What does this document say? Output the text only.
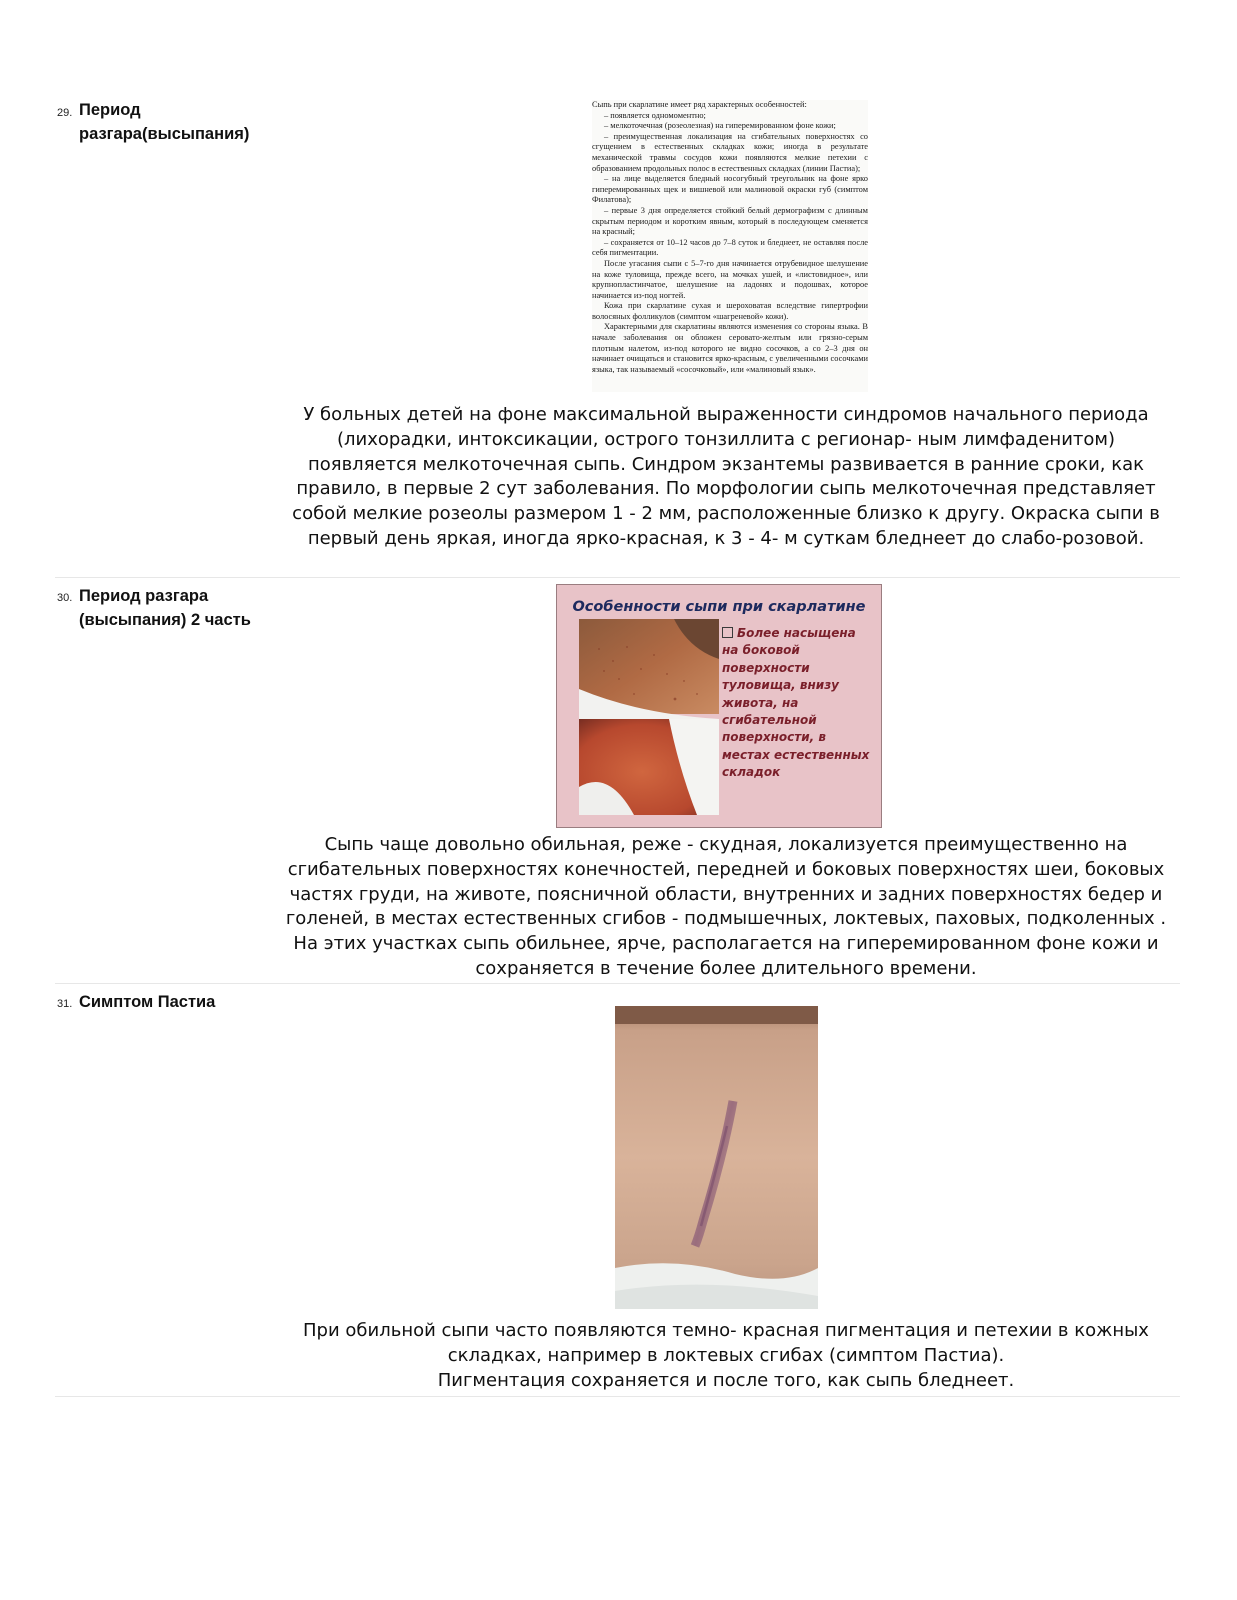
29. Период разгара(высыпания)

Сыпь при скарлатине имеет ряд характерных особенностей:

– появляется одномоментно;

– мелкоточечная (розеолезная) на гиперемированном фоне кожи;

– преимущественная локализация на сгибательных поверхностях со сгущением в естественных складках кожи; иногда в результате механической травмы сосудов кожи появляются мелкие петехии с образованием продольных полос в естественных складках (линии Пастиа);

– на лице выделяется бледный носогубный треугольник на фоне ярко гиперемированных щек и вишневой или малиновой окраски губ (симптом Филатова);

– первые 3 дня определяется стойкий белый дермографизм с длинным скрытым периодом и коротким явным, который в последующем сменяется на красный;

– сохраняется от 10–12 часов до 7–8 суток и бледнеет, не оставляя после себя пигментации.

После угасания сыпи с 5–7-го дня начинается отрубевидное шелушение на коже туловища, прежде всего, на мочках ушей, и «листовидное», или крупнопластинчатое, шелушение на ладонях и подошвах, которое начинается из-под ногтей.

Кожа при скарлатине сухая и шероховатая вследствие гипертрофии волосяных фолликулов (симптом «шагреневой» кожи).

Характерными для скарлатины являются изменения со стороны языка. В начале заболевания он обложен серовато-желтым или грязно-серым плотным налетом, из-под которого не видно сосочков, а со 2–3 дня он начинает очищаться и становится ярко-красным, с увеличенными сосочками языка, так называемый «сосочковый», или «малиновый язык».

У больных детей на фоне максимальной выраженности синдромов начального периода (лихорадки, интоксикации, острого тонзиллита с регионар- ным лимфаденитом) появляется мелкоточечная сыпь. Синдром экзантемы развивается в ранние сроки, как правило, в первые 2 сут заболевания. По морфологии сыпь мелкоточечная представляет собой мелкие розеолы размером 1 - 2 мм, расположенные близко к другу. Окраска сыпи в первый день яркая, иногда ярко-красная, к 3 - 4- м суткам бледнеет до слабо-розовой.
30. Период разгара (высыпания) 2 часть
Особенности сыпи при скарлатине
Более насыщена на боковой поверхности туловища, внизу живота, на сгибательной поверхности, в местах естественных складок
Сыпь чаще довольно обильная, реже - скудная, локализуется преимущественно на сгибательных поверхностях конечностей, передней и боковых поверхностях шеи, боковых частях груди, на животе, поясничной области, внутренних и задних поверхностях бедер и голеней, в местах естественных сгибов - подмышечных, локтевых, паховых, подколенных . На этих участках сыпь обильнее, ярче, располагается на гиперемированном фоне кожи и сохраняется в течение более длительного времени.
31. Симптом Пастиа
При обильной сыпи часто появляются темно- красная пигментация и петехии в кожных складках, например в локтевых сгибах (симптом Пастиа).
Пигментация сохраняется и после того, как сыпь бледнеет.
